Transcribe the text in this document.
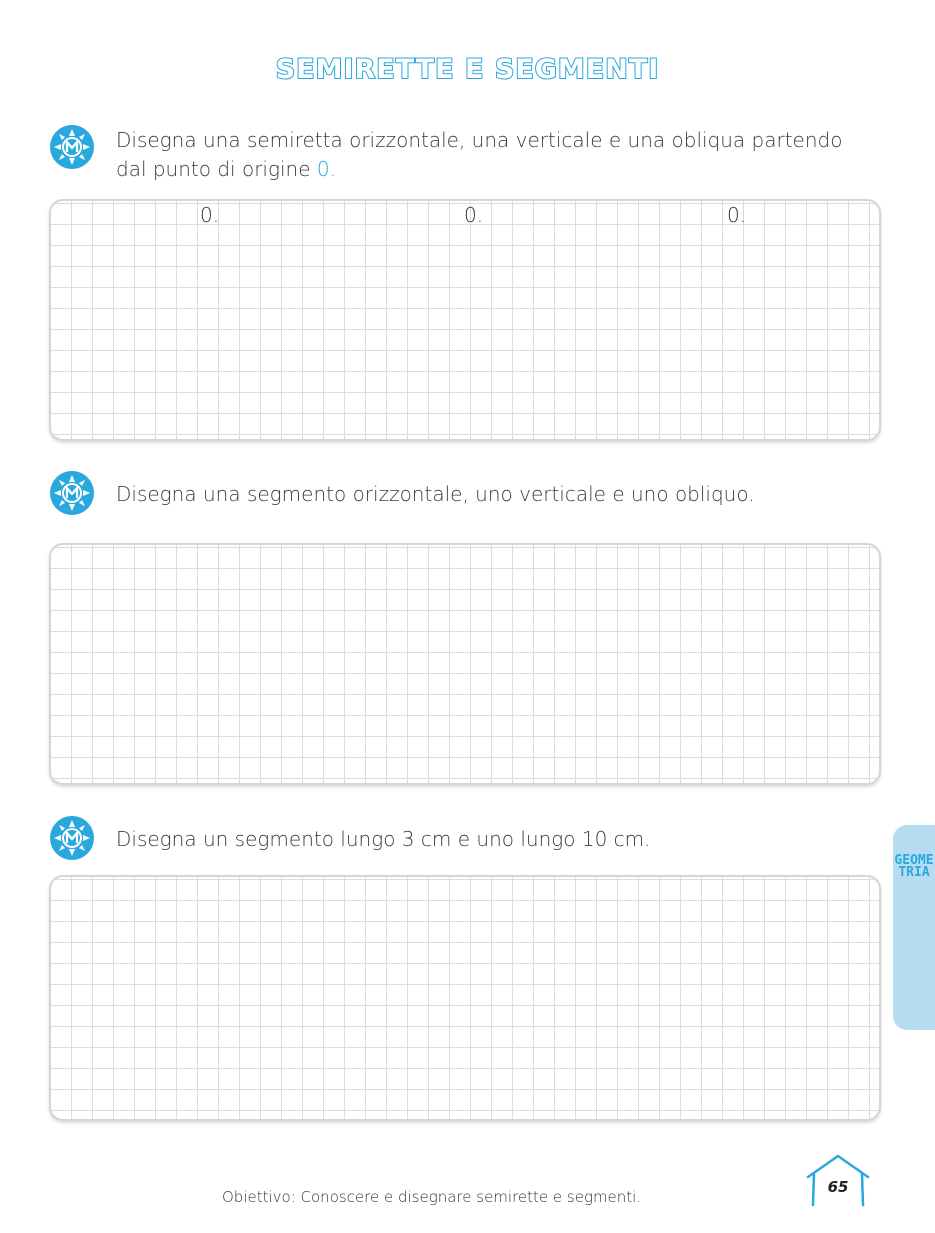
SEMIRETTE E SEGMENTI
Disegna una semiretta orizzontale, una verticale e una obliqua partendo dal punto di origine 0.
0.	0.	0.
Disegna una segmento orizzontale, uno verticale e uno obliquo.
Disegna un segmento lungo 3 cm e uno lungo 10 cm.
GEOMETRIA
Obiettivo: Conoscere e disegnare semirette e segmenti.
65
